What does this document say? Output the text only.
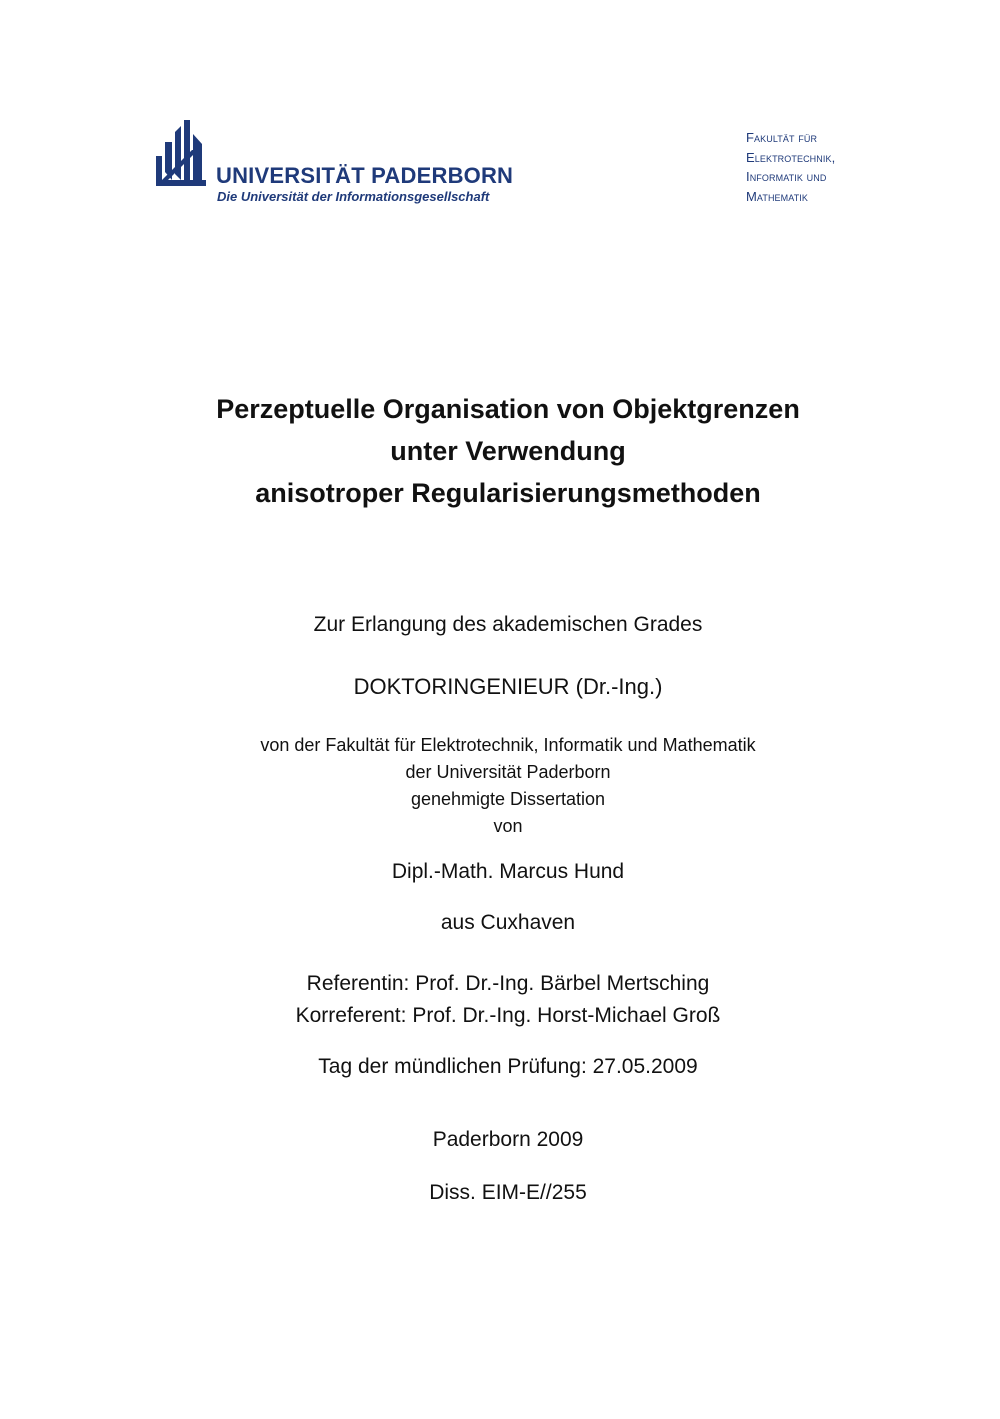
UNIVERSITÄT PADERBORN
Die Universität der Informationsgesellschaft
Fakultät für
Elektrotechnik,
Informatik und
Mathematik
Perzeptuelle Organisation von Objektgrenzen
unter Verwendung
anisotroper Regularisierungsmethoden
Zur Erlangung des akademischen Grades
DOKTORINGENIEUR (Dr.-Ing.)
von der Fakultät für Elektrotechnik, Informatik und Mathematik
der Universität Paderborn
genehmigte Dissertation
von
Dipl.-Math. Marcus Hund
aus Cuxhaven
Referentin: Prof. Dr.-Ing. Bärbel Mertsching
Korreferent: Prof. Dr.-Ing. Horst-Michael Groß
Tag der mündlichen Prüfung: 27.05.2009
Paderborn 2009
Diss. EIM-E//255
